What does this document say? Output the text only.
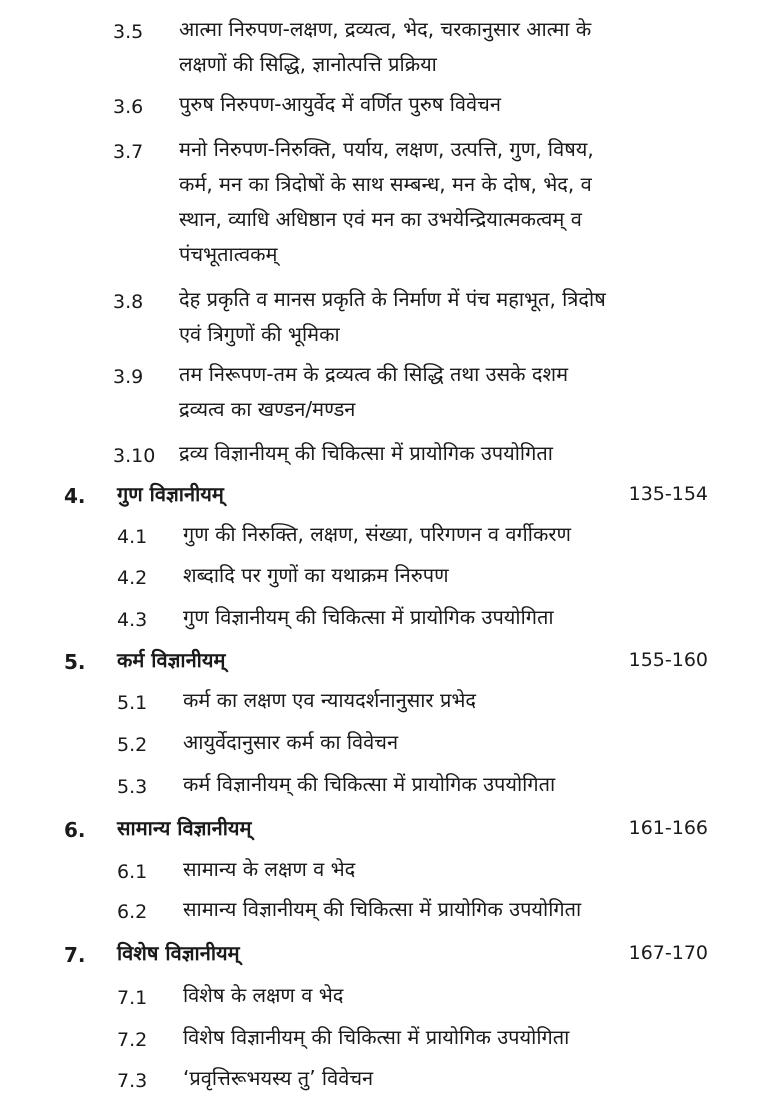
3.5 आत्मा निरुपण-लक्षण, द्रव्यत्व, भेद, चरकानुसार आत्मा के
लक्षणों की सिद्धि, ज्ञानोत्पत्ति प्रक्रिया
3.6 पुरुष निरुपण-आयुर्वेद में वर्णित पुरुष विवेचन
3.7 मनो निरुपण-निरुक्ति, पर्याय, लक्षण, उत्पत्ति, गुण, विषय,
कर्म, मन का त्रिदोषों के साथ सम्बन्ध, मन के दोष, भेद, व
स्थान, व्याधि अधिष्ठान एवं मन का उभयेन्द्रियात्मकत्वम् व
पंचभूतात्वकम्
3.8 देह प्रकृति व मानस प्रकृति के निर्माण में पंच महाभूत, त्रिदोष
एवं त्रिगुणों की भूमिका
3.9 तम निरूपण-तम के द्रव्यत्व की सिद्धि तथा उसके दशम
द्रव्यत्व का खण्डन/मण्डन
3.10 द्रव्य विज्ञानीयम् की चिकित्सा में प्रायोगिक उपयोगिता
4. गुण विज्ञानीयम्	135-154
4.1 गुण की निरुक्ति, लक्षण, संख्या, परिगणन व वर्गीकरण
4.2 शब्दादि पर गुणों का यथाक्रम निरुपण
4.3 गुण विज्ञानीयम् की चिकित्सा में प्रायोगिक उपयोगिता
5. कर्म विज्ञानीयम्	155-160
5.1 कर्म का लक्षण एव न्यायदर्शनानुसार प्रभेद
5.2 आयुर्वेदानुसार कर्म का विवेचन
5.3 कर्म विज्ञानीयम् की चिकित्सा में प्रायोगिक उपयोगिता
6. सामान्य विज्ञानीयम्	161-166
6.1 सामान्य के लक्षण व भेद
6.2 सामान्य विज्ञानीयम् की चिकित्सा में प्रायोगिक उपयोगिता
7. विशेष विज्ञानीयम्	167-170
7.1 विशेष के लक्षण व भेद
7.2 विशेष विज्ञानीयम् की चिकित्सा में प्रायोगिक उपयोगिता
7.3 ‘प्रवृत्तिरूभयस्य तु’ विवेचन
